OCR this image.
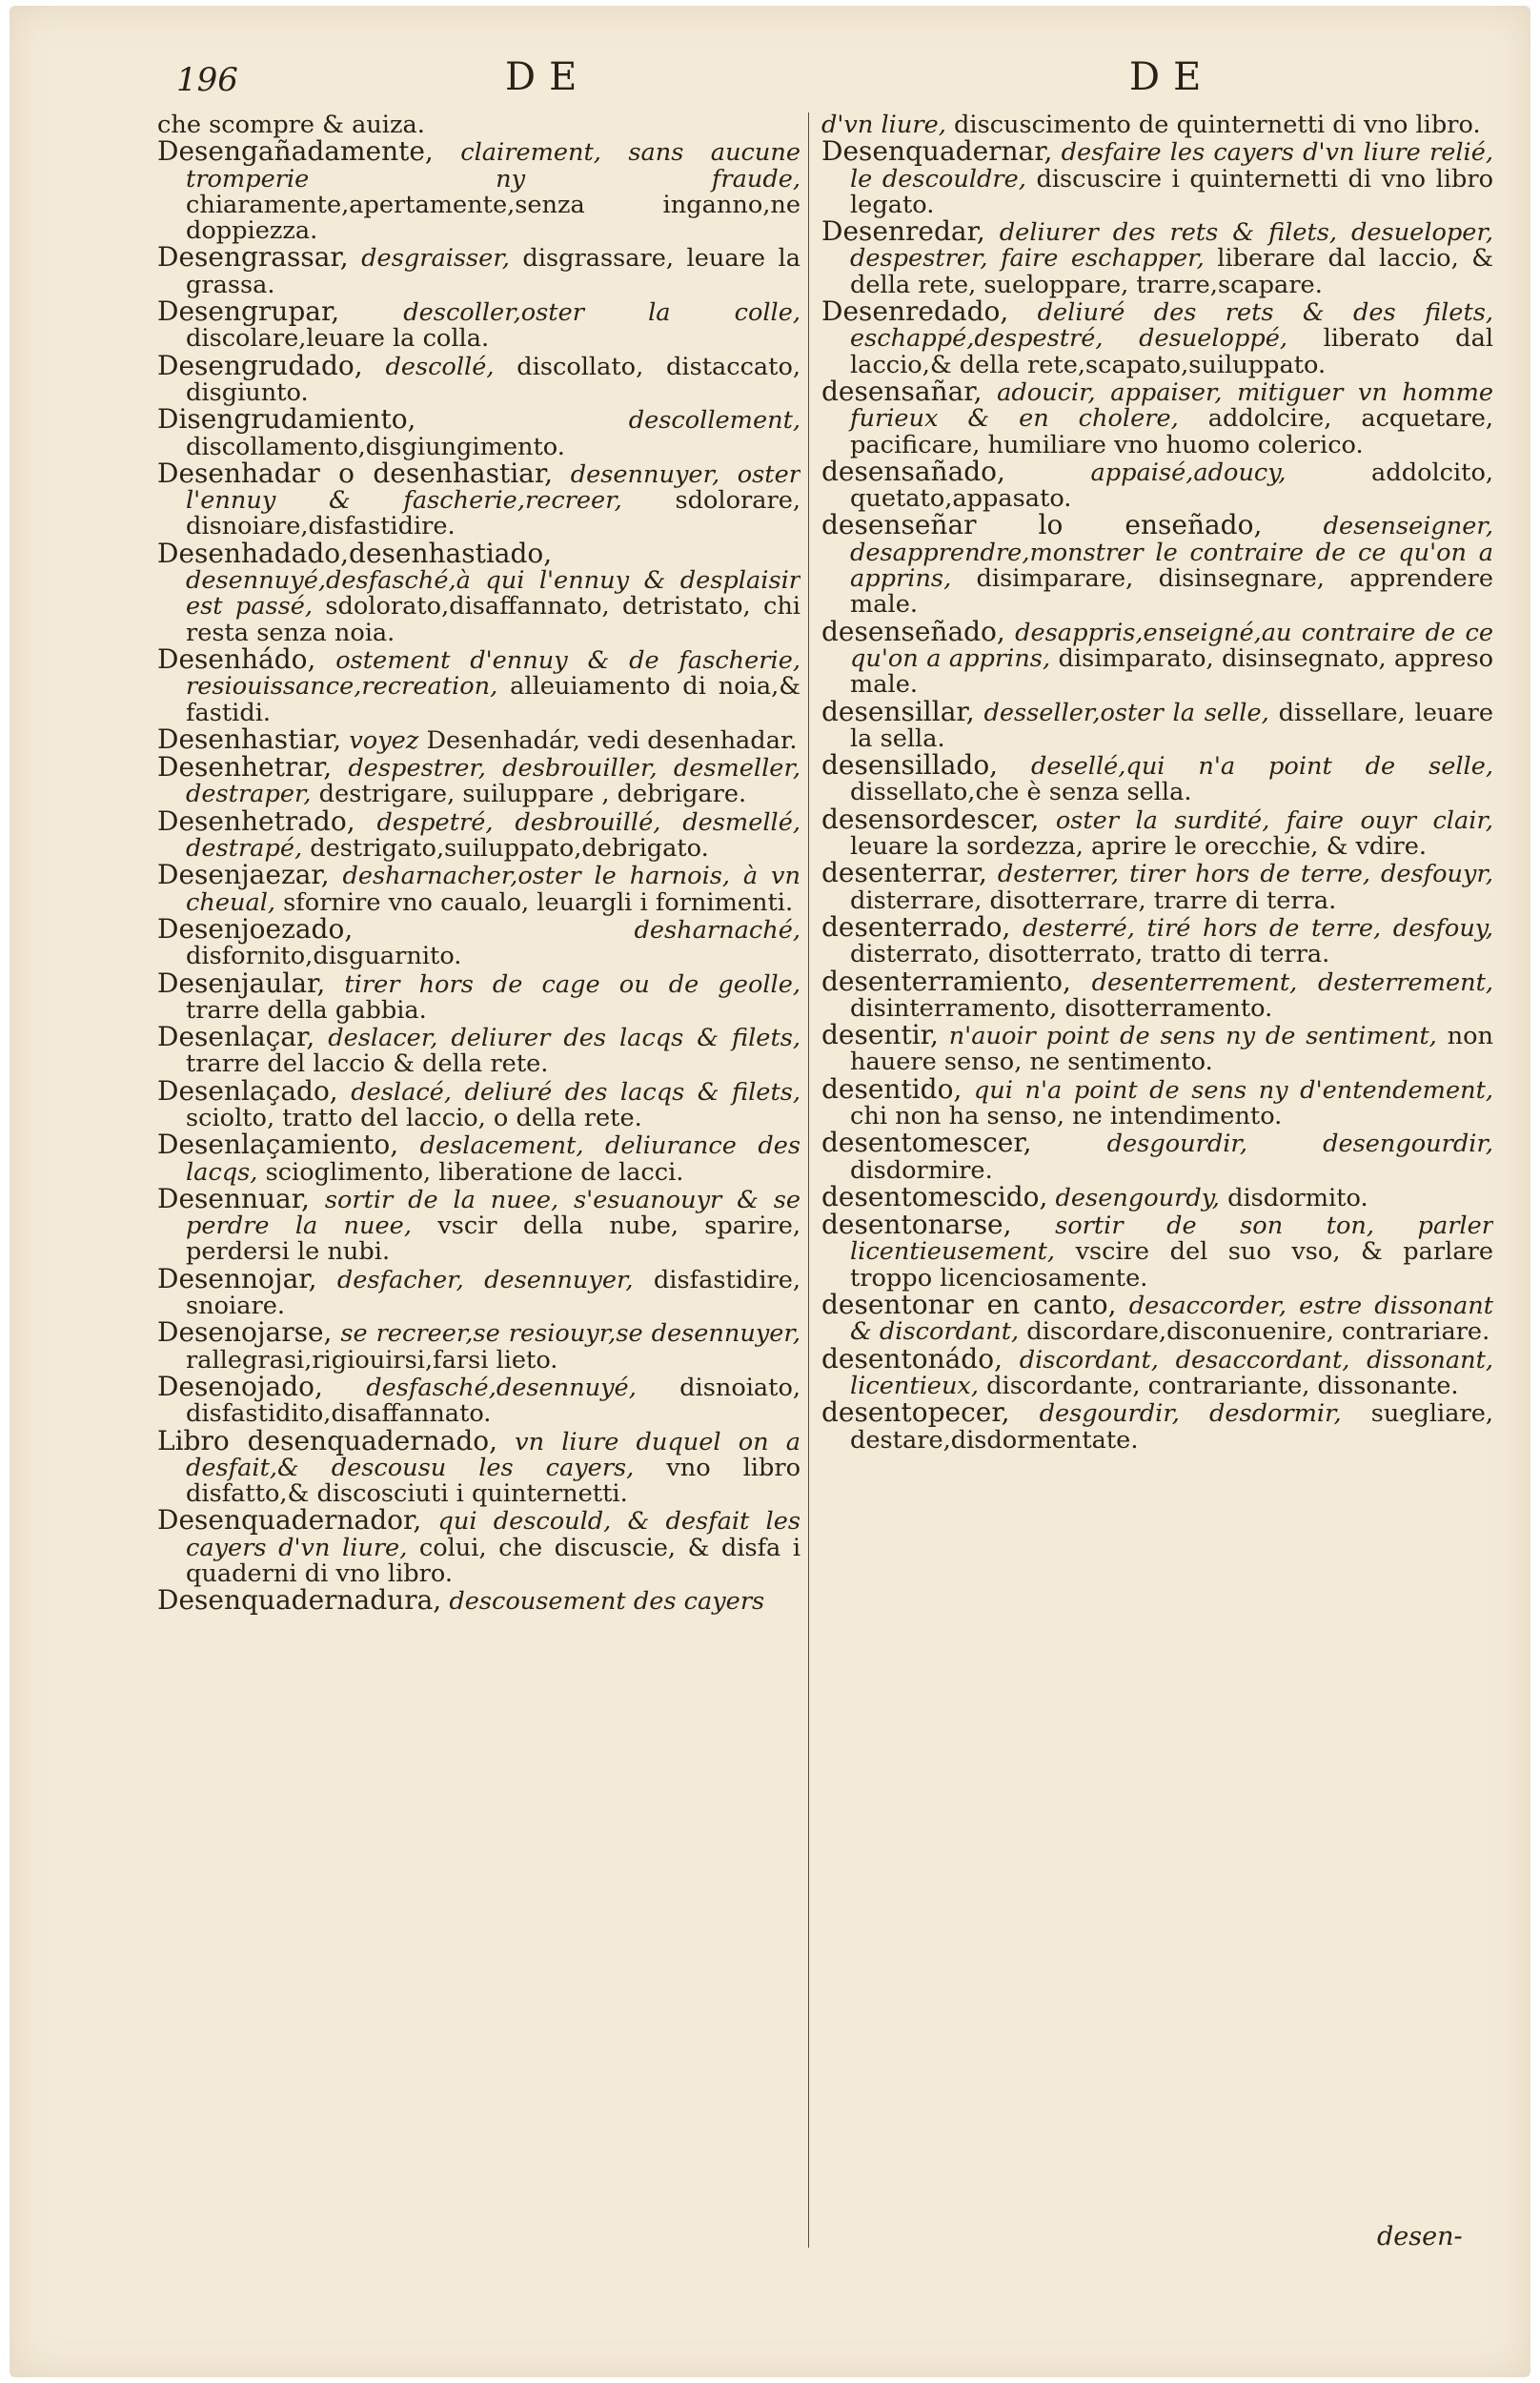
196	DE	DE

che scompre & auiza.

Desengañadamente, clairement, sans aucune tromperie ny fraude, chiaramente,apertamente,senza inganno,ne doppiezza.

Desengrassar, desgraisser, disgrassare, leuare la grassa.

Desengrupar,	descoller,oster la colle, discolare,leuare la colla.

Desengrudado, descollé, discollato, distaccato, disgiunto.

Disengrudamiento,	descollement, discollamento,disgiungimento.

Desenhadar o desenhastiar, desennuyer, oster l'ennuy & fascherie,recreer, sdolorare, disnoiare,disfastidire.

Desenhadado,desenhastiado, desennuyé,desfasché,à qui l'ennuy & desplaisir est passé, sdolorato,disaffannato, detristato, chi resta senza noia.

Desenhádo, ostement d'ennuy & de fascherie, resiouissance,recreation, alleuiamento di noia,& fastidi.

Desenhastiar, voyez Desenhadár, vedi desenhadar.

Desenhetrar, despestrer, desbrouiller, desmeller, destraper, destrigare, suiluppare , debrigare.

Desenhetrado, despetré, desbrouillé, desmellé, destrapé, destrigato,suiluppato,debrigato.

Desenjaezar, desharnacher,oster le harnois, à vn cheual, sfornire vno caualo, leuargli i fornimenti.

Desenjoezado,	desharnaché, disfornito,disguarnito.

Desenjaular, tirer hors de cage ou de geolle, trarre della gabbia.

Desenlaçar, deslacer, deliurer des lacqs & filets, trarre del laccio & della rete.

Desenlaçado, deslacé, deliuré des lacqs & filets, sciolto, tratto del laccio, o della rete.

Desenlaçamiento, deslacement, deliurance des lacqs, scioglimento, liberatione de lacci.

Desennuar, sortir de la nuee, s'esuanouyr & se perdre la nuee, vscir della nube, sparire, perdersi le nubi.

Desennojar, desfacher, desennuyer, disfastidire, snoiare.

Desenojarse, se recreer,se resiouyr,se desennuyer, rallegrasi,rigiouirsi,farsi lieto.

Desenojado, desfasché,desennuyé, disnoiato, disfastidito,disaffannato.

Libro desenquadernado, vn liure duquel on a desfait,& descousu les cayers, vno libro disfatto,& discosciuti i quinternetti.

Desenquadernador, qui descould, & desfait les cayers d'vn liure, colui, che discuscie, & disfa i quaderni di vno libro.

Desenquadernadura, descousement des cayers

d'vn liure, discuscimento de quinternetti di vno libro.

Desenquadernar, desfaire les cayers d'vn liure relié, le descouldre, discuscire i quinternetti di vno libro legato.

Desenredar, deliurer des rets & filets, desueloper, despestrer, faire eschapper, liberare dal laccio, & della rete, sueloppare, trarre,scapare.

Desenredado, deliuré des rets & des filets, eschappé,despestré, desueloppé, liberato dal laccio,& della rete,scapato,suiluppato.

desensañar, adoucir, appaiser, mitiguer vn homme furieux & en cholere, addolcire, acquetare, pacificare, humiliare vno huomo colerico.

desensañado,	appaisé,adoucy,	addolcito, quetato,appasato.

desenseñar lo enseñado,	desenseigner, desapprendre,monstrer le contraire de ce qu'on a apprins, disimparare, disinsegnare, apprendere male.

desenseñado, desappris,enseigné,au contraire de ce qu'on a apprins, disimparato, disinsegnato, appreso male.

desensillar, desseller,oster la selle, dissellare, leuare la sella.

desensillado, desellé,qui n'a point de selle, dissellato,che è senza sella.

desensordescer, oster la surdité, faire ouyr clair, leuare la sordezza, aprire le orecchie, & vdire.

desenterrar, desterrer, tirer hors de terre, desfouyr, disterrare, disotterrare, trarre di terra.

desenterrado, desterré, tiré hors de terre, desfouy, disterrato, disotterrato, tratto di terra.

desenterramiento, desenterrement, desterrement, disinterramento, disotterramento.

desentir, n'auoir point de sens ny de sentiment, non hauere senso, ne sentimento.

desentido, qui n'a point de sens ny d'entendement, chi non ha senso, ne intendimento.

desentomescer,	desgourdir, desengourdir, disdormire.

desentomescido, desengourdy, disdormito.

desentonarse, sortir de son ton, parler licentieusement, vscire del suo vso, & parlare troppo licenciosamente.

desentonar en canto, desaccorder, estre dissonant & discordant, discordare,disconuenire, contrariare.

desentonádo, discordant, desaccordant, dissonant, licentieux, discordante, contrariante, dissonante.

desentopecer, desgourdir, desdormir, suegliare, destare,disdormentate.

desen-
